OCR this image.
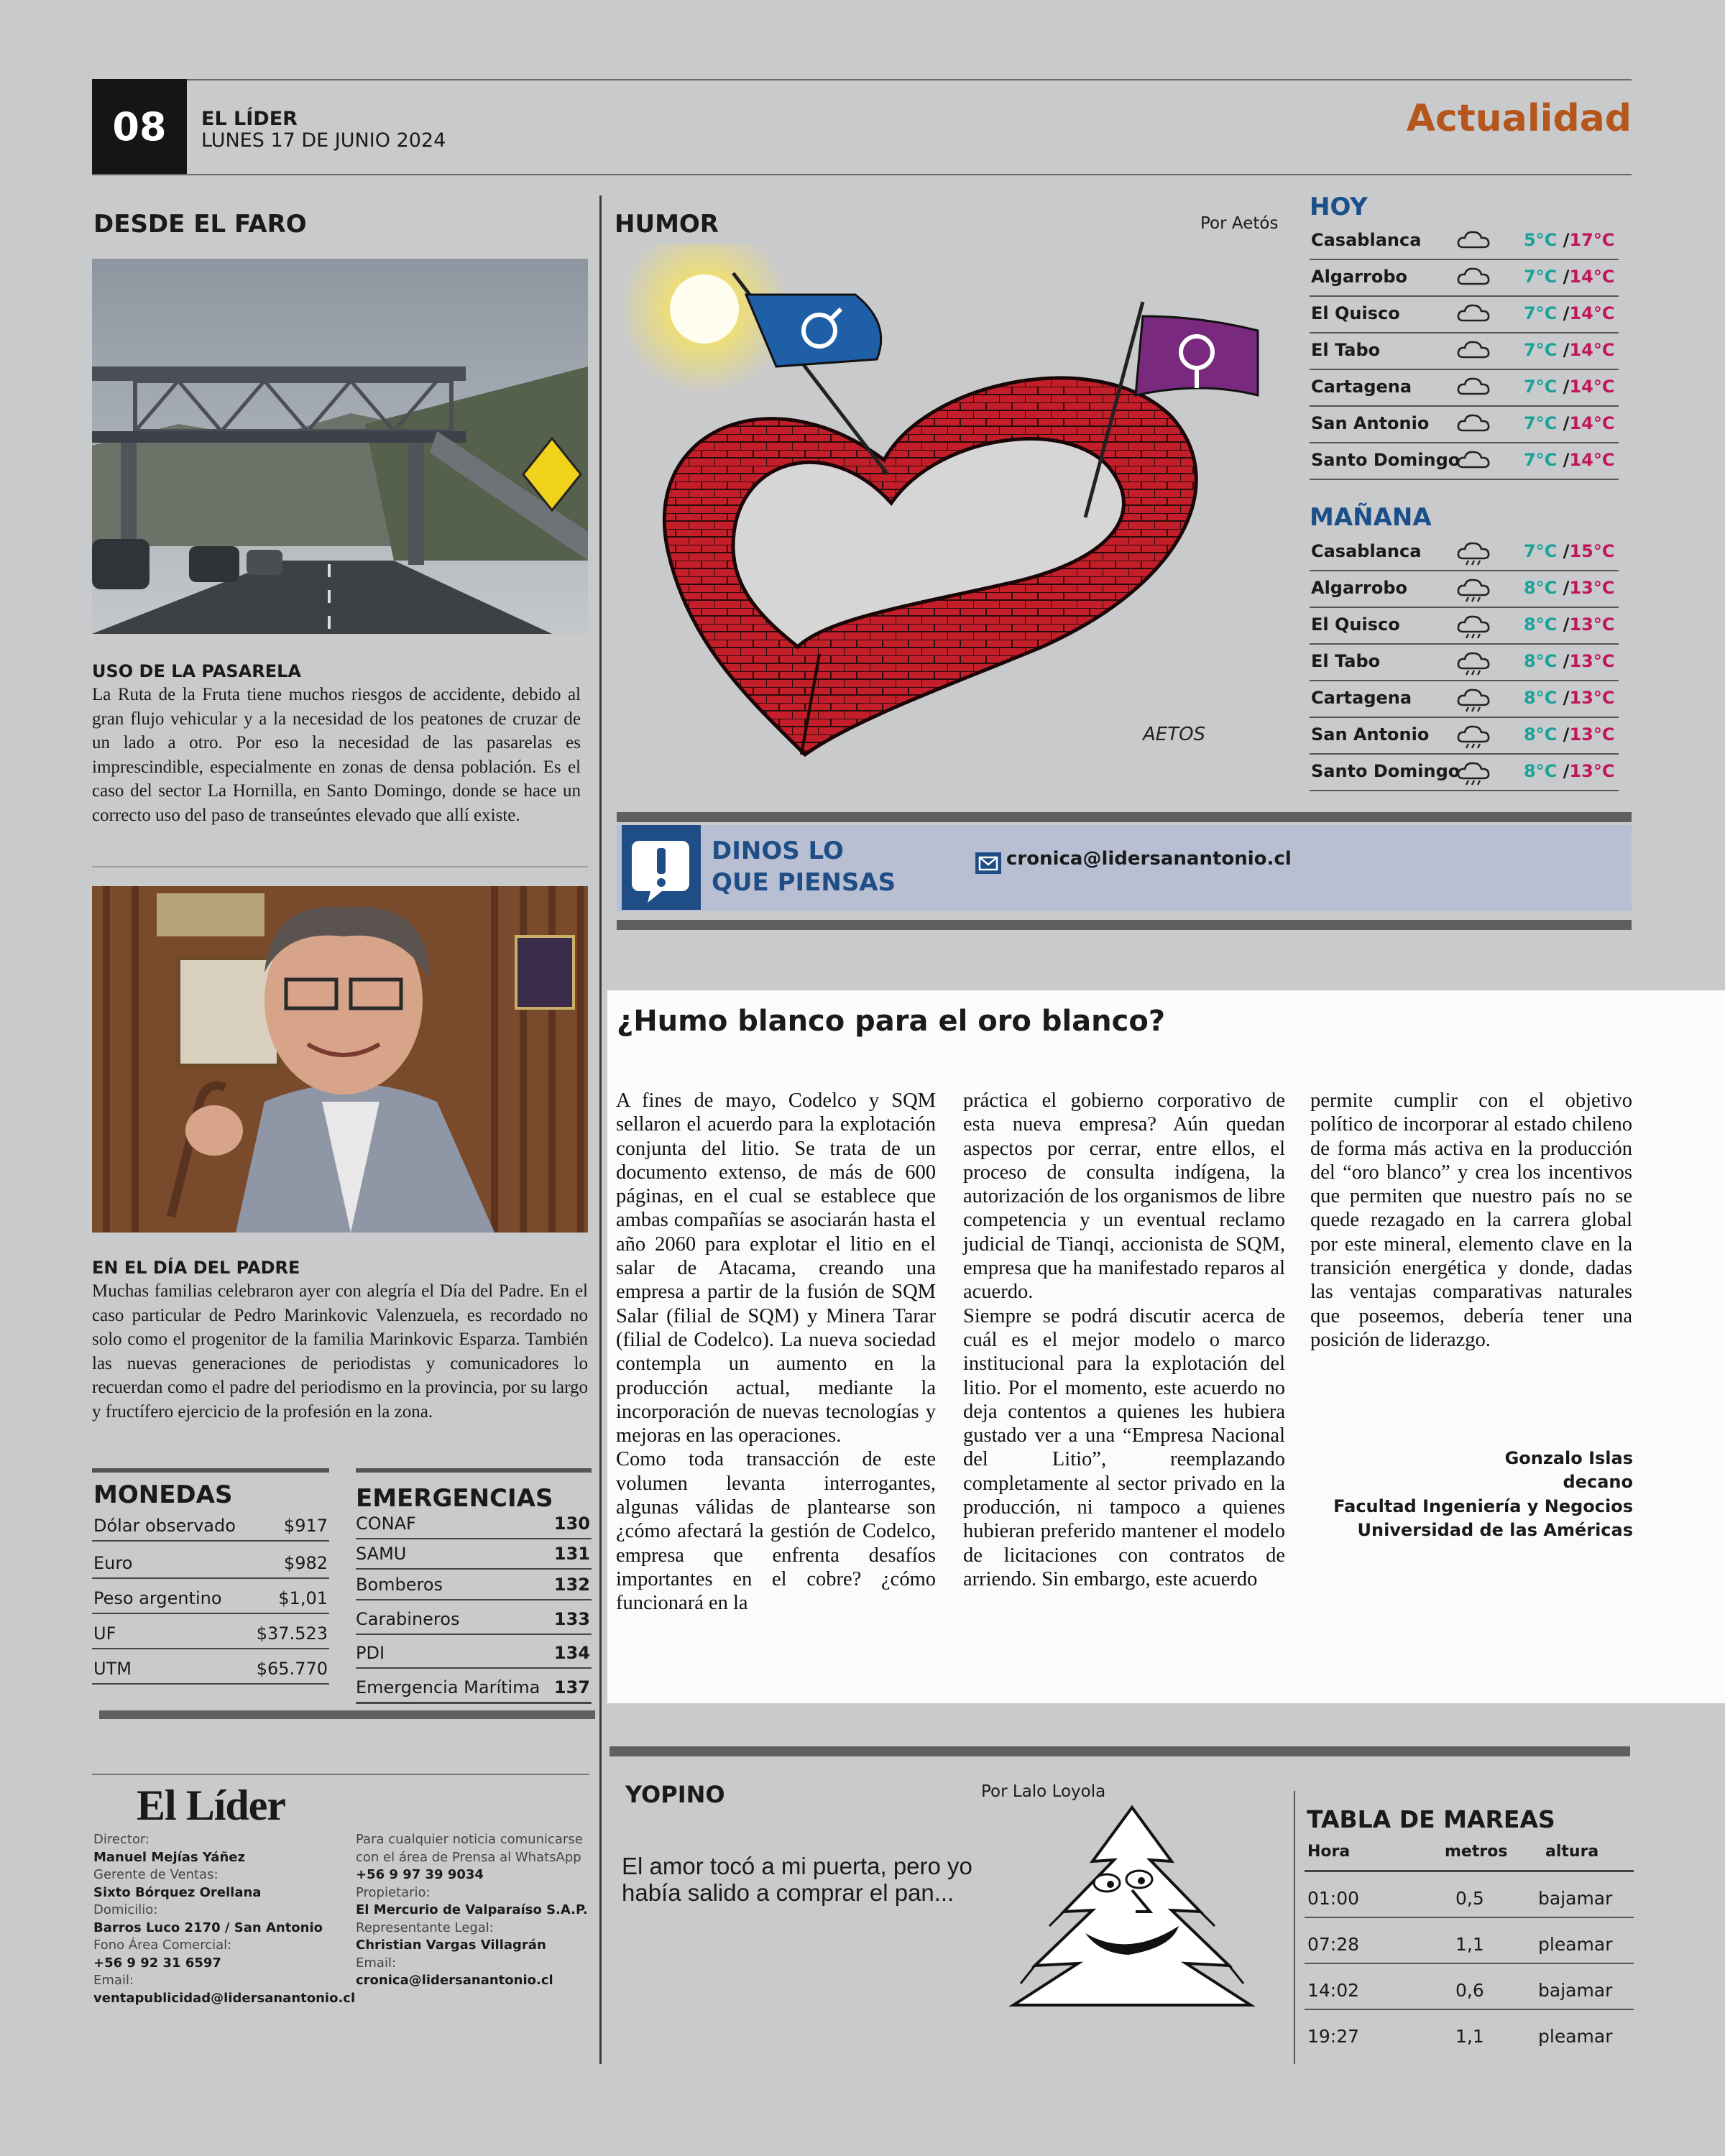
08	EL LÍDER
LUNES 17 DE JUNIO 2024
Actualidad
DESDE EL FARO
USO DE LA PASARELA
La Ruta de la Fruta tiene muchos riesgos de accidente, debido al gran flujo vehicular y a la necesidad de los peatones de cruzar de un lado a otro. Por eso la necesidad de las pasarelas es imprescindible, especialmente en zonas de densa población. Es el caso del sector La Hornilla, en Santo Domingo, donde se hace un correcto uso del paso de transeúntes elevado que allí existe.
EN EL DÍA DEL PADRE
Muchas familias celebraron ayer con alegría el Día del Padre. En el caso particular de Pedro Marinkovic Valenzuela, es recordado no solo como el progenitor de la familia Marinkovic Esparza. También las nuevas generaciones de periodistas y comunicadores lo recuerdan como el padre del periodismo en la provincia, por su largo y fructífero ejercicio de la profesión en la zona.
MONEDAS
Dólar observado	$917
Euro	$982
Peso argentino	$1,01
UF	$37.523
UTM	$65.770
EMERGENCIAS
CONAF	130
SAMU	131
Bomberos	132
Carabineros	133
PDI	134
Emergencia Marítima 137
El Líder
Director:
Manuel Mejías Yáñez
Gerente de Ventas:
Sixto Bórquez Orellana
Domicilio:
Barros Luco 2170 / San Antonio
Fono Área Comercial:
+56 9 92 31 6597
Email:
ventapublicidad@lidersanantonio.cl
Para cualquier noticia comunicarse con el área de Prensa al WhatsApp
+56 9 97 39 9034
Propietario:
El Mercurio de Valparaíso S.A.P.
Representante Legal:
Christian Vargas Villagrán
Email:
cronica@lidersanantonio.cl
HUMOR	Por Aetós
AETOS
HOY
Casablanca	5°C /17°C
Algarrobo	7°C /14°C
El Quisco	7°C /14°C
El Tabo	7°C /14°C
Cartagena	7°C /14°C
San Antonio	7°C /14°C
Santo Domingo	7°C /14°C
MAÑANA
Casablanca	7°C /15°C
Algarrobo	8°C /13°C
El Quisco	8°C /13°C
El Tabo	8°C /13°C
Cartagena	8°C /13°C
San Antonio	8°C /13°C
Santo Domingo	8°C /13°C
DINOS LO
QUE PIENSAS
cronica@lidersanantonio.cl
¿Humo blanco para el oro blanco?
A fines de mayo, Codelco y SQM sellaron el acuerdo para la explotación conjunta del litio. Se trata de un documento extenso, de más de 600 páginas, en el cual se establece que ambas compañías se asociarán hasta el año 2060 para explotar el litio en el salar de Atacama, creando una empresa a partir de la fusión de SQM Salar (filial de SQM) y Minera Tarar (filial de Codelco). La nueva sociedad contempla un aumento en la producción actual, mediante la incorporación de nuevas tecnologías y mejoras en las operaciones.
Como toda transacción de este volumen levanta interrogantes, algunas válidas de plantearse son ¿cómo afectará la gestión de Codelco, empresa que enfrenta desafíos importantes en el cobre? ¿cómo funcionará en la
práctica el gobierno corporativo de esta nueva empresa? Aún quedan aspectos por cerrar, entre ellos, el proceso de consulta indígena, la autorización de los organismos de libre competencia y un eventual reclamo judicial de Tianqi, accionista de SQM, empresa que ha manifestado reparos al acuerdo.
Siempre se podrá discutir acerca de cuál es el mejor modelo o marco institucional para la explotación del litio. Por el momento, este acuerdo no deja contentos a quienes les hubiera gustado ver a una “Empresa Nacional del Litio”, reemplazando completamente al sector privado en la producción, ni tampoco a quienes hubieran preferido mantener el modelo de licitaciones con contratos de arriendo. Sin embargo, este acuerdo
permite cumplir con el objetivo político de incorporar al estado chileno de forma más activa en la producción del “oro blanco” y crea los incentivos que permiten que nuestro país no se quede rezagado en la carrera global por este mineral, elemento clave en la transición energética y donde, dadas las ventajas comparativas naturales que poseemos, debería tener una posición de liderazgo.
Gonzalo Islas
decano
Facultad Ingeniería y Negocios
Universidad de las Américas
YOPINO	Por Lalo Loyola
El amor tocó a mi puerta, pero yo había salido a comprar el pan...
TABLA DE MAREAS
Hora	metros altura
01:00	0,5	bajamar
07:28	1,1	pleamar
14:02	0,6	bajamar
19:27	1,1	pleamar
